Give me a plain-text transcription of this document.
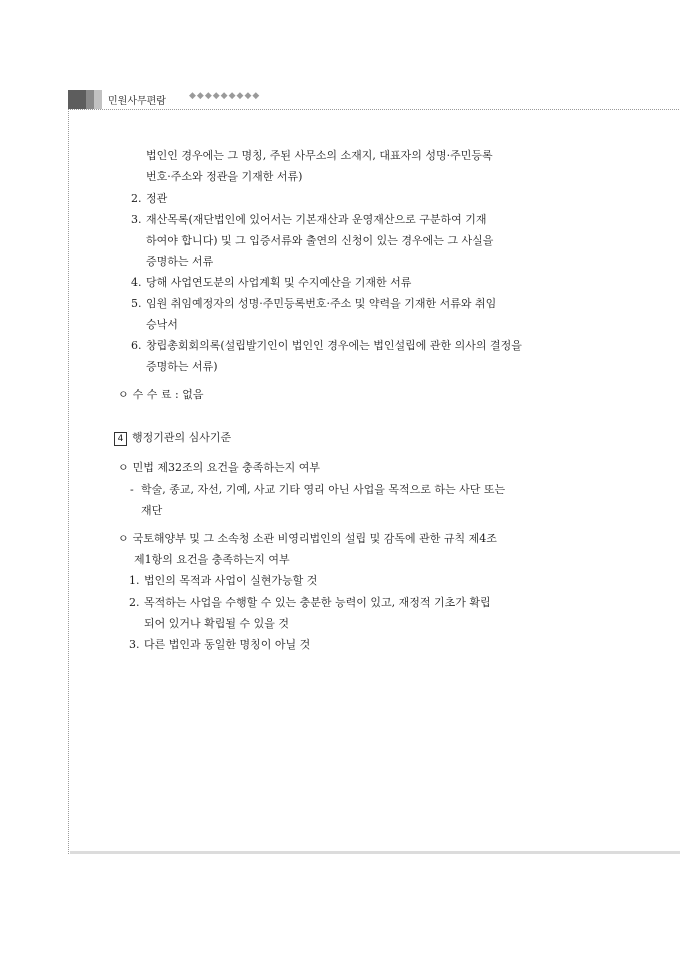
민원사무편람	◆◆◆◆◆◆◆◆◆
법인인 경우에는 그 명칭, 주된 사무소의 소재지, 대표자의 성명·주민등록
번호·주소와 정관을 기재한 서류)
2. 정관
3. 재산목록(재단법인에 있어서는 기본재산과 운영재산으로 구분하여 기재
하여야 합니다) 및 그 입증서류와 출연의 신청이 있는 경우에는 그 사실을
증명하는 서류
4. 당해 사업연도분의 사업계획 및 수지예산을 기재한 서류
5. 임원 취임예정자의 성명·주민등록번호·주소 및 약력을 기재한 서류와 취임
승낙서
6. 창립총회회의록(설립발기인이 법인인 경우에는 법인설립에 관한 의사의 결정을
증명하는 서류)
ㅇ 수 수 료 : 없음
4 행정기관의 심사기준
ㅇ 민법 제32조의 요건을 충족하는지 여부
- 학술, 종교, 자선, 기예, 사교 기타 영리 아닌 사업을 목적으로 하는 사단 또는
재단
ㅇ 국토해양부 및 그 소속청 소관 비영리법인의 설립 및 감독에 관한 규칙 제4조
제1항의 요건을 충족하는지 여부
1. 법인의 목적과 사업이 실현가능할 것
2. 목적하는 사업을 수행할 수 있는 충분한 능력이 있고, 재정적 기초가 확립
되어 있거나 확립될 수 있을 것
3. 다른 법인과 동일한 명칭이 아닐 것
